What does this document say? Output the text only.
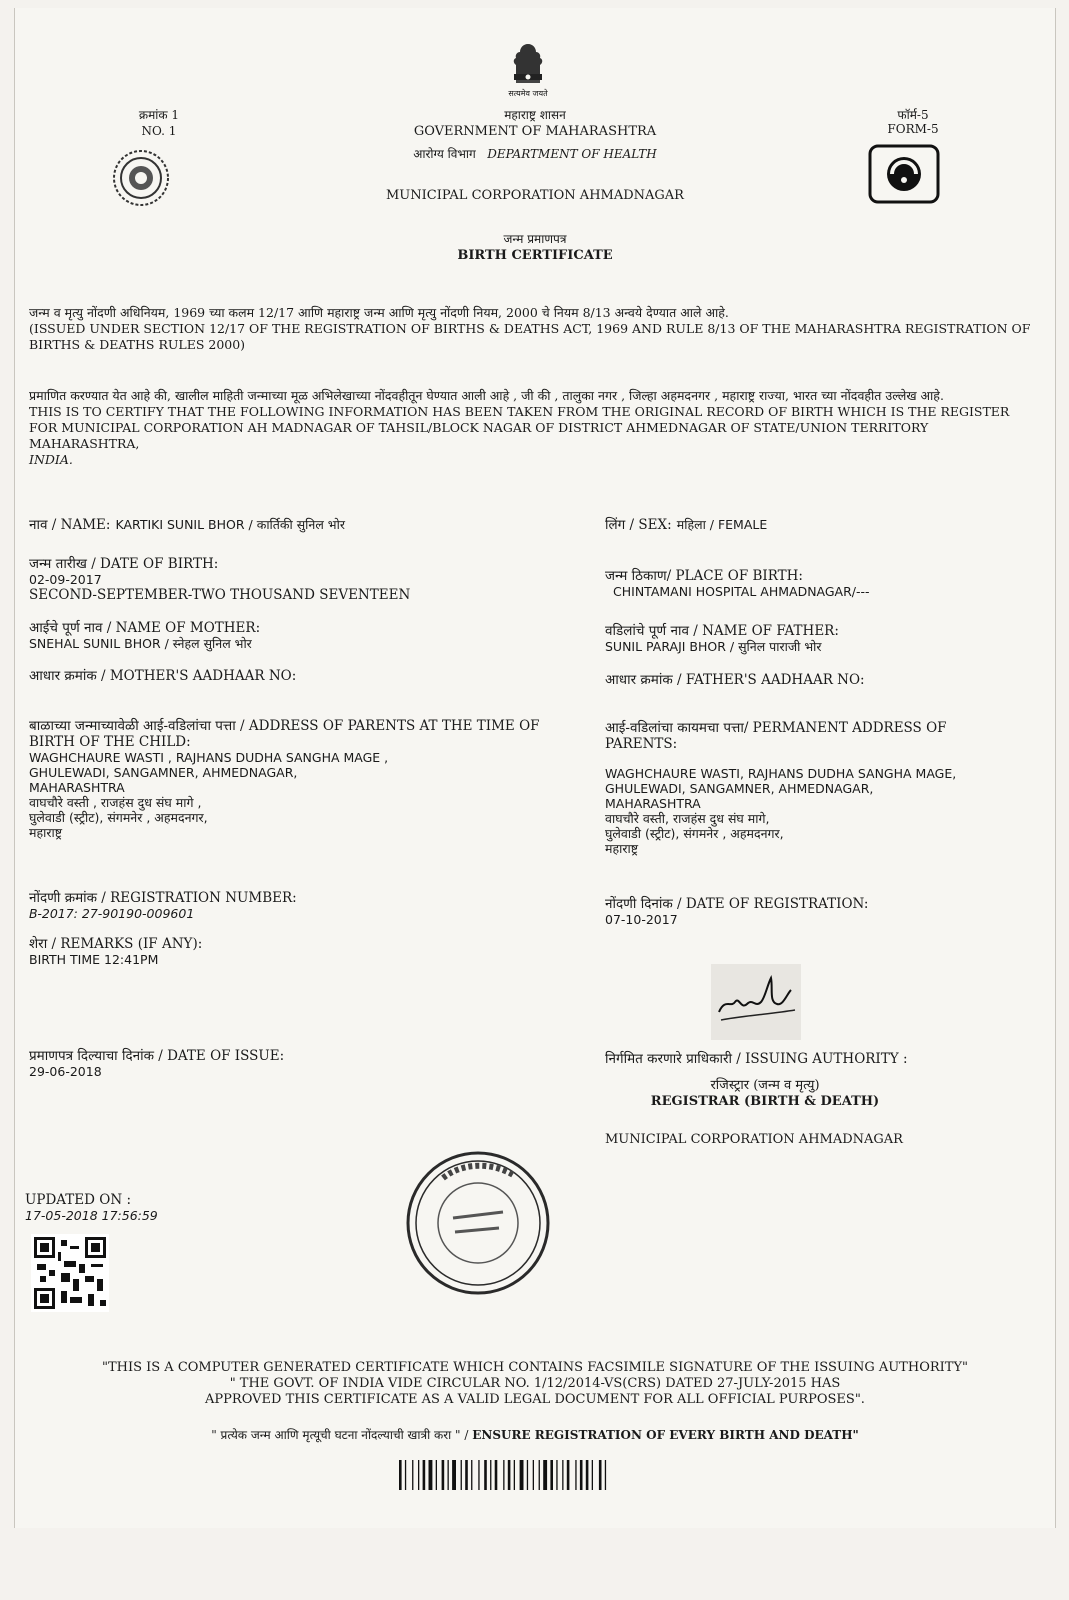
सत्यमेव जयते
क्रमांक 1
NO. 1
फॉर्म-5
FORM-5
महाराष्ट्र शासन
GOVERNMENT OF MAHARASHTRA
आरोग्य विभाग DEPARTMENT OF HEALTH
MUNICIPAL CORPORATION AHMADNAGAR
जन्म प्रमाणपत्र
BIRTH CERTIFICATE
जन्म व मृत्यु नोंदणी अधिनियम, 1969 च्या कलम 12/17 आणि महाराष्ट्र जन्म आणि मृत्यु नोंदणी नियम, 2000 चे नियम 8/13 अन्वये देण्यात आले आहे.
(ISSUED UNDER SECTION 12/17 OF THE REGISTRATION OF BIRTHS & DEATHS ACT, 1969 AND RULE 8/13 OF THE MAHARASHTRA REGISTRATION OF BIRTHS & DEATHS RULES 2000)
प्रमाणित करण्यात येत आहे की, खालील माहिती जन्माच्या मूळ अभिलेखाच्या नोंदवहीतून घेण्यात आली आहे , जी की , तालुका नगर , जिल्हा अहमदनगर , महाराष्ट्र राज्या, भारत च्या नोंदवहीत उल्लेख आहे.
THIS IS TO CERTIFY THAT THE FOLLOWING INFORMATION HAS BEEN TAKEN FROM THE ORIGINAL RECORD OF BIRTH WHICH IS THE REGISTER FOR MUNICIPAL CORPORATION AH MADNAGAR OF TAHSIL/BLOCK NAGAR OF DISTRICT AHMEDNAGAR OF STATE/UNION TERRITORY MAHARASHTRA,
INDIA.
नाव / NAME: KARTIKI SUNIL BHOR / कार्तिकी सुनिल भोर
जन्म तारीख / DATE OF BIRTH:
02-09-2017
SECOND-SEPTEMBER-TWO THOUSAND SEVENTEEN
आईचे पूर्ण नाव / NAME OF MOTHER:
SNEHAL SUNIL BHOR / स्नेहल सुनिल भोर
आधार क्रमांक / MOTHER'S AADHAAR NO:
बाळाच्या जन्माच्यावेळी आई-वडिलांचा पत्ता / ADDRESS OF PARENTS AT THE TIME OF BIRTH OF THE CHILD:
WAGHCHAURE WASTI , RAJHANS DUDHA SANGHA MAGE ,
GHULEWADI, SANGAMNER, AHMEDNAGAR,
MAHARASHTRA
वाघचौरे वस्ती , राजहंस दुध संघ मागे ,
घुलेवाडी (स्ट्रीट), संगमनेर , अहमदनगर,
महाराष्ट्र
नोंदणी क्रमांक / REGISTRATION NUMBER:
B-2017: 27-90190-009601
शेरा / REMARKS (IF ANY):
BIRTH TIME 12:41PM
प्रमाणपत्र दिल्याचा दिनांक / DATE OF ISSUE:
29-06-2018
लिंग / SEX: महिला / FEMALE
जन्म ठिकाण/ PLACE OF BIRTH:
CHINTAMANI HOSPITAL AHMADNAGAR/---
वडिलांचे पूर्ण नाव / NAME OF FATHER:
SUNIL PARAJI BHOR / सुनिल पाराजी भोर
आधार क्रमांक / FATHER'S AADHAAR NO:
आई-वडिलांचा कायमचा पत्ता/ PERMANENT ADDRESS OF PARENTS:
WAGHCHAURE WASTI, RAJHANS DUDHA SANGHA MAGE,
GHULEWADI, SANGAMNER, AHMEDNAGAR,
MAHARASHTRA
वाघचौरे वस्ती, राजहंस दुध संघ मागे,
घुलेवाडी (स्ट्रीट), संगमनेर , अहमदनगर,
महाराष्ट्र
नोंदणी दिनांक / DATE OF REGISTRATION:
07-10-2017
निर्गमित करणारे प्राधिकारी / ISSUING AUTHORITY :
रजिस्ट्रार (जन्म व मृत्यु)
REGISTRAR (BIRTH & DEATH)
MUNICIPAL CORPORATION AHMADNAGAR
UPDATED ON :
17-05-2018 17:56:59
"THIS IS A COMPUTER GENERATED CERTIFICATE WHICH CONTAINS FACSIMILE SIGNATURE OF THE ISSUING AUTHORITY"
" THE GOVT. OF INDIA VIDE CIRCULAR NO. 1/12/2014-VS(CRS) DATED 27-JULY-2015 HAS
APPROVED THIS CERTIFICATE AS A VALID LEGAL DOCUMENT FOR ALL OFFICIAL PURPOSES".
" प्रत्येक जन्म आणि मृत्यूची घटना नोंदल्याची खात्री करा " / ENSURE REGISTRATION OF EVERY BIRTH AND DEATH"
